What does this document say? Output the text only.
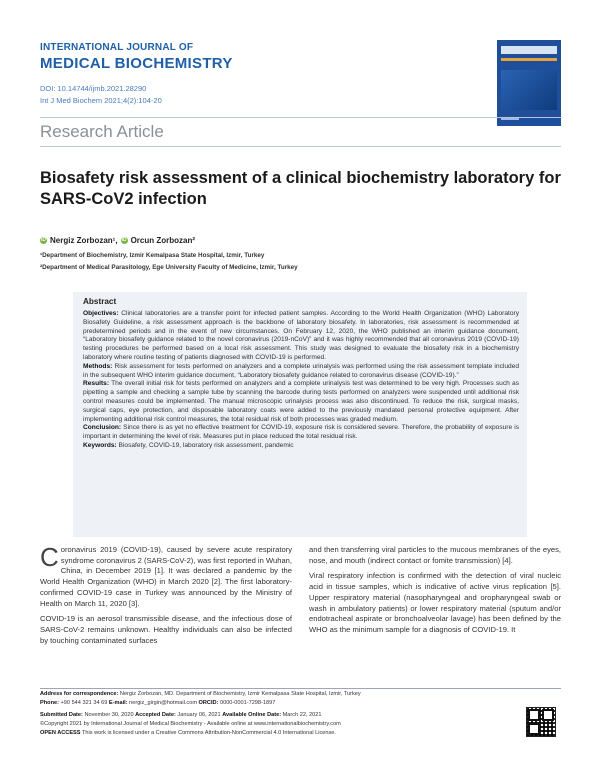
INTERNATIONAL JOURNAL OF
MEDICAL BIOCHEMISTRY
DOI: 10.14744/ijmb.2021.28290
Int J Med Biochem 2021;4(2):104-20
Research Article
Biosafety risk assessment of a clinical biochemistry laboratory for SARS-CoV2 infection
iD Nergiz Zorbozan¹, iD Orcun Zorbozan²
¹Department of Biochemistry, Izmir Kemalpasa State Hospital, Izmir, Turkey
²Department of Medical Parasitology, Ege University Faculty of Medicine, Izmir, Turkey
Abstract
Objectives: Clinical laboratories are a transfer point for infected patient samples. According to the World Health Organization (WHO) Laboratory Biosafety Guideline, a risk assessment approach is the backbone of laboratory biosafety. In laboratories, risk assessment is recommended at predetermined periods and in the event of new circumstances. On February 12, 2020, the WHO published an interim guidance document, “Laboratory biosafety guidance related to the novel coronavirus (2019-nCoV)” and it was highly recommended that all coronavirus 2019 (COVID-19) testing procedures be performed based on a local risk assessment. This study was designed to evaluate the biosafety risk in a biochemistry laboratory where routine testing of patients diagnosed with COVID-19 is performed.
Methods: Risk assessment for tests performed on analyzers and a complete urinalysis was performed using the risk assessment template included in the subsequent WHO interim guidance document, “Laboratory biosafety guidance related to coronavirus disease (COVID-19).”
Results: The overall initial risk for tests performed on analyzers and a complete urinalysis test was determined to be very high. Processes such as pipetting a sample and checking a sample tube by scanning the barcode during tests performed on analyzers were suspended until additional risk control measures could be implemented. The manual microscopic urinalysis process was also discontinued. To reduce the risk, surgical masks, surgical caps, eye protection, and disposable laboratory coats were added to the previously mandated personal protective equipment. After implementing additional risk control measures, the total residual risk of both processes was graded medium.
Conclusion: Since there is as yet no effective treatment for COVID-19, exposure risk is considered severe. Therefore, the probability of exposure is important in determining the level of risk. Measures put in place reduced the total residual risk.
Keywords: Biosafety, COVID-19, laboratory risk assessment, pandemic

Coronavirus 2019 (COVID-19), caused by severe acute respiratory syndrome coronavirus 2 (SARS-CoV-2), was first reported in Wuhan, China, in December 2019 [1]. It was declared a pandemic by the World Health Organization (WHO) in March 2020 [2]. The first laboratory-confirmed COVID-19 case in Turkey was announced by the Ministry of Health on March 11, 2020 [3].

COVID-19 is an aerosol transmissible disease, and the infectious dose of SARS-CoV-2 remains unknown. Healthy individuals can also be infected by touching contaminated surfaces

and then transferring viral particles to the mucous membranes of the eyes, nose, and mouth (indirect contact or fomite transmission) [4].

Viral respiratory infection is confirmed with the detection of viral nucleic acid in tissue samples, which is indicative of active virus replication [5]. Upper respiratory material (nasopharyngeal and oropharyngeal swab or wash in ambulatory patients) or lower respiratory material (sputum and/or endotracheal aspirate or bronchoalveolar lavage) has been defined by the WHO as the minimum sample for a diagnosis of COVID-19. It

Address for correspondence: Nergiz Zorbozan, MD. Department of Biochemistry, Izmir Kemalpasa State Hospital, Izmir, Turkey
Phone: +90 544 321 34 69 E-mail: nergiz_girgin@hotmail.com ORCID: 0000-0001-7298-1897
Submitted Date: November 30, 2020 Accepted Date: January 06, 2021 Available Online Date: March 22, 2021
©Copyright 2021 by International Journal of Medical Biochemistry - Available online at www.internationalbiochemistry.com
OPEN ACCESS This work is licensed under a Creative Commons Attribution-NonCommercial 4.0 International License.
